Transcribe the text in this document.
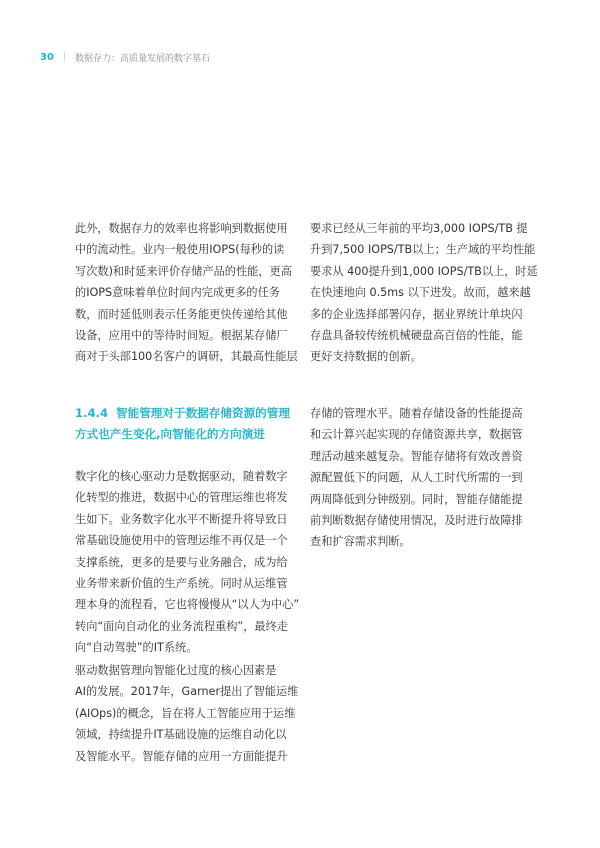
30 | 数据存力：高质量发展的数字基石

此外，数据存力的效率也将影响到数据使用
中的流动性。业内一般使用IOPS(每秒的读
写次数)和时延来评价存储产品的性能，更高
的IOPS意味着单位时间内完成更多的任务
数，而时延低则表示任务能更快传递给其他
设备，应用中的等待时间短。根据某存储厂
商对于头部100名客户的调研，其最高性能层

1.4.4 智能管理对于数据存储资源的管理
方式也产生变化,向智能化的方向演进

数字化的核心驱动力是数据驱动，随着数字
化转型的推进，数据中心的管理运维也将发
生如下。业务数字化水平不断提升将导致日
常基础设施使用中的管理运维不再仅是一个
支撑系统，更多的是要与业务融合，成为给
业务带来新价值的生产系统。同时从运维管
理本身的流程看，它也将慢慢从“以人为中心”
转向“面向自动化的业务流程重构”，最终走
向“自动驾驶”的IT系统。

驱动数据管理向智能化过度的核心因素是
AI的发展。2017年，Garner提出了智能运维
(AIOps)的概念，旨在将人工智能应用于运维
领域，持续提升IT基础设施的运维自动化以
及智能水平。智能存储的应用一方面能提升

要求已经从三年前的平均3,000 IOPS/TB 提
升到7,500 IOPS/TB以上；生产域的平均性能
要求从 400提升到1,000 IOPS/TB以上，时延
在快速地向 0.5ms 以下进发。故而，越来越
多的企业选择部署闪存，据业界统计单块闪
存盘具备较传统机械硬盘高百倍的性能，能
更好支持数据的创新。

存储的管理水平。随着存储设备的性能提高
和云计算兴起实现的存储资源共享，数据管
理活动越来越复杂。智能存储将有效改善资
源配置低下的问题，从人工时代所需的一到
两周降低到分钟级别。同时，智能存储能提
前判断数据存储使用情况，及时进行故障排
查和扩容需求判断。
